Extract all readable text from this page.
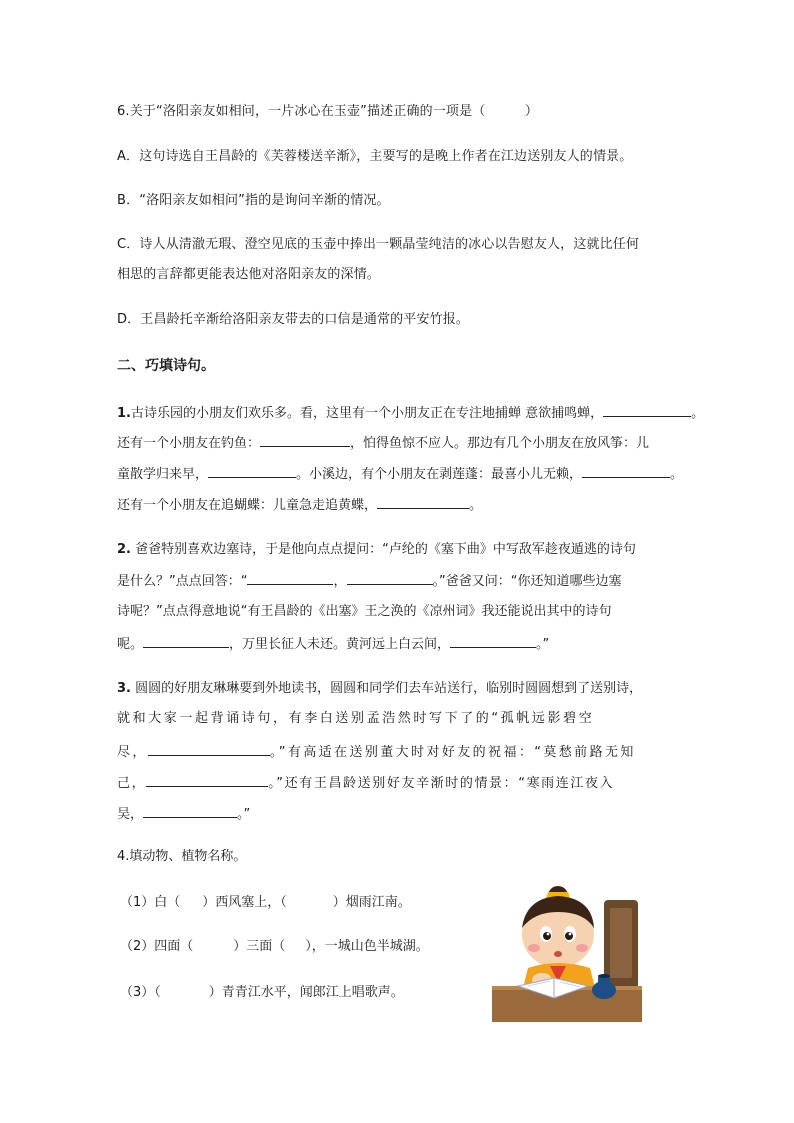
6.关于“洛阳亲友如相问，一片冰心在玉壶”描述正确的一项是（　　　）
A．这句诗选自王昌龄的《芙蓉楼送辛渐》，主要写的是晚上作者在江边送别友人的情景。
B．“洛阳亲友如相问”指的是询问辛渐的情况。
C．诗人从清澈无瑕、澄空见底的玉壶中捧出一颗晶莹纯洁的冰心以告慰友人，这就比任何
相思的言辞都更能表达他对洛阳亲友的深情。
D．王昌龄托辛渐给洛阳亲友带去的口信是通常的平安竹报。
二、巧填诗句。
1.古诗乐园的小朋友们欢乐多。看，这里有一个小朋友正在专注地捕蝉 意欲捕鸣蝉，	。
还有一个小朋友在钓鱼：	，怕得鱼惊不应人。那边有几个小朋友在放风筝：儿
童散学归来早，	。小溪边，有个小朋友在剥莲蓬：最喜小儿无赖，	。
还有一个小朋友在追蝴蝶：儿童急走追黄蝶，	。
2. 爸爸特别喜欢边塞诗，于是他向点点提问：“卢纶的《塞下曲》中写敌军趁夜遁逃的诗句
是什么？”点点回答：“	，	。”爸爸又问：“你还知道哪些边塞
诗呢？”点点得意地说“有王昌龄的《出塞》王之涣的《凉州词》我还能说出其中的诗句
呢。	，万里长征人未还。黄河远上白云间，	。”
3. 圆圆的好朋友琳琳要到外地读书，圆圆和同学们去车站送行，临别时圆圆想到了送别诗，
就和大家一起背诵诗句，有李白送别孟浩然时写下了的“孤帆远影碧空
尽，	。”有高适在送别董大时对好友的祝福：“莫愁前路无知
己，	。”还有王昌龄送别好友辛渐时的情景：“寒雨连江夜入
吴，	。”
4.填动物、植物名称。
（1）白（ ）西风塞上，（	）烟雨江南。
（2）四面（	）三面（ ），一城山色半城湖。
（3）（	）青青江水平，闻郎江上唱歌声。
